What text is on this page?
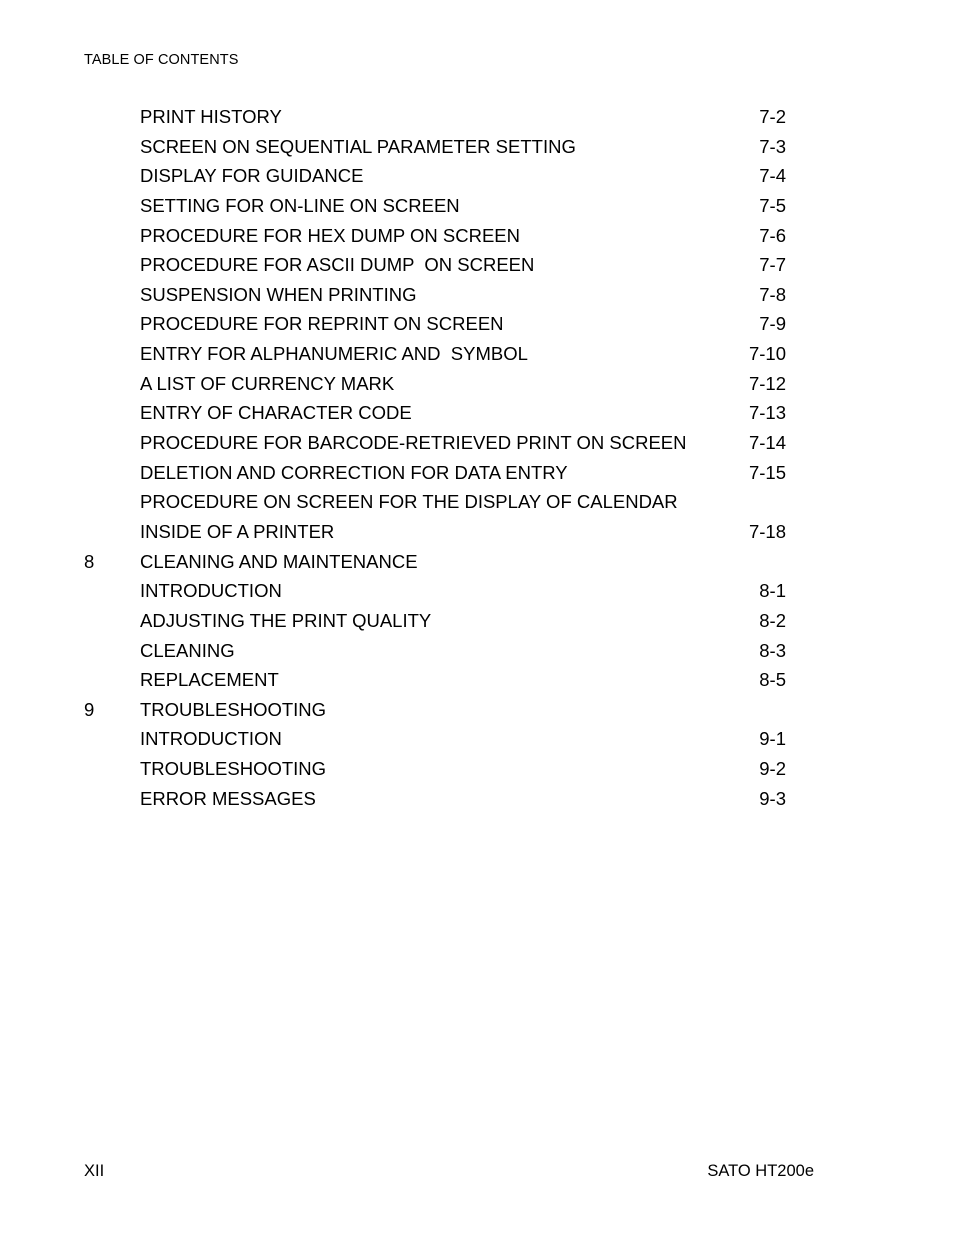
TABLE OF CONTENTS
PRINT HISTORY	7-2
SCREEN ON SEQUENTIAL PARAMETER SETTING	7-3
DISPLAY FOR GUIDANCE	7-4
SETTING FOR ON-LINE ON SCREEN	7-5
PROCEDURE FOR HEX DUMP ON SCREEN	7-6
PROCEDURE FOR ASCII DUMP  ON SCREEN	7-7
SUSPENSION WHEN PRINTING	7-8
PROCEDURE FOR REPRINT ON SCREEN	7-9
ENTRY FOR ALPHANUMERIC AND  SYMBOL	7-10
A LIST OF CURRENCY MARK	7-12
ENTRY OF CHARACTER CODE	7-13
PROCEDURE FOR BARCODE-RETRIEVED PRINT ON SCREEN	7-14
DELETION AND CORRECTION FOR DATA ENTRY	7-15
PROCEDURE ON SCREEN FOR THE DISPLAY OF CALENDAR
INSIDE OF A PRINTER	7-18
8 CLEANING AND MAINTENANCE
INTRODUCTION	8-1
ADJUSTING THE PRINT QUALITY	8-2
CLEANING	8-3
REPLACEMENT	8-5
9 TROUBLESHOOTING
INTRODUCTION	9-1
TROUBLESHOOTING	9-2
ERROR MESSAGES	9-3
XII	SATO HT200e
